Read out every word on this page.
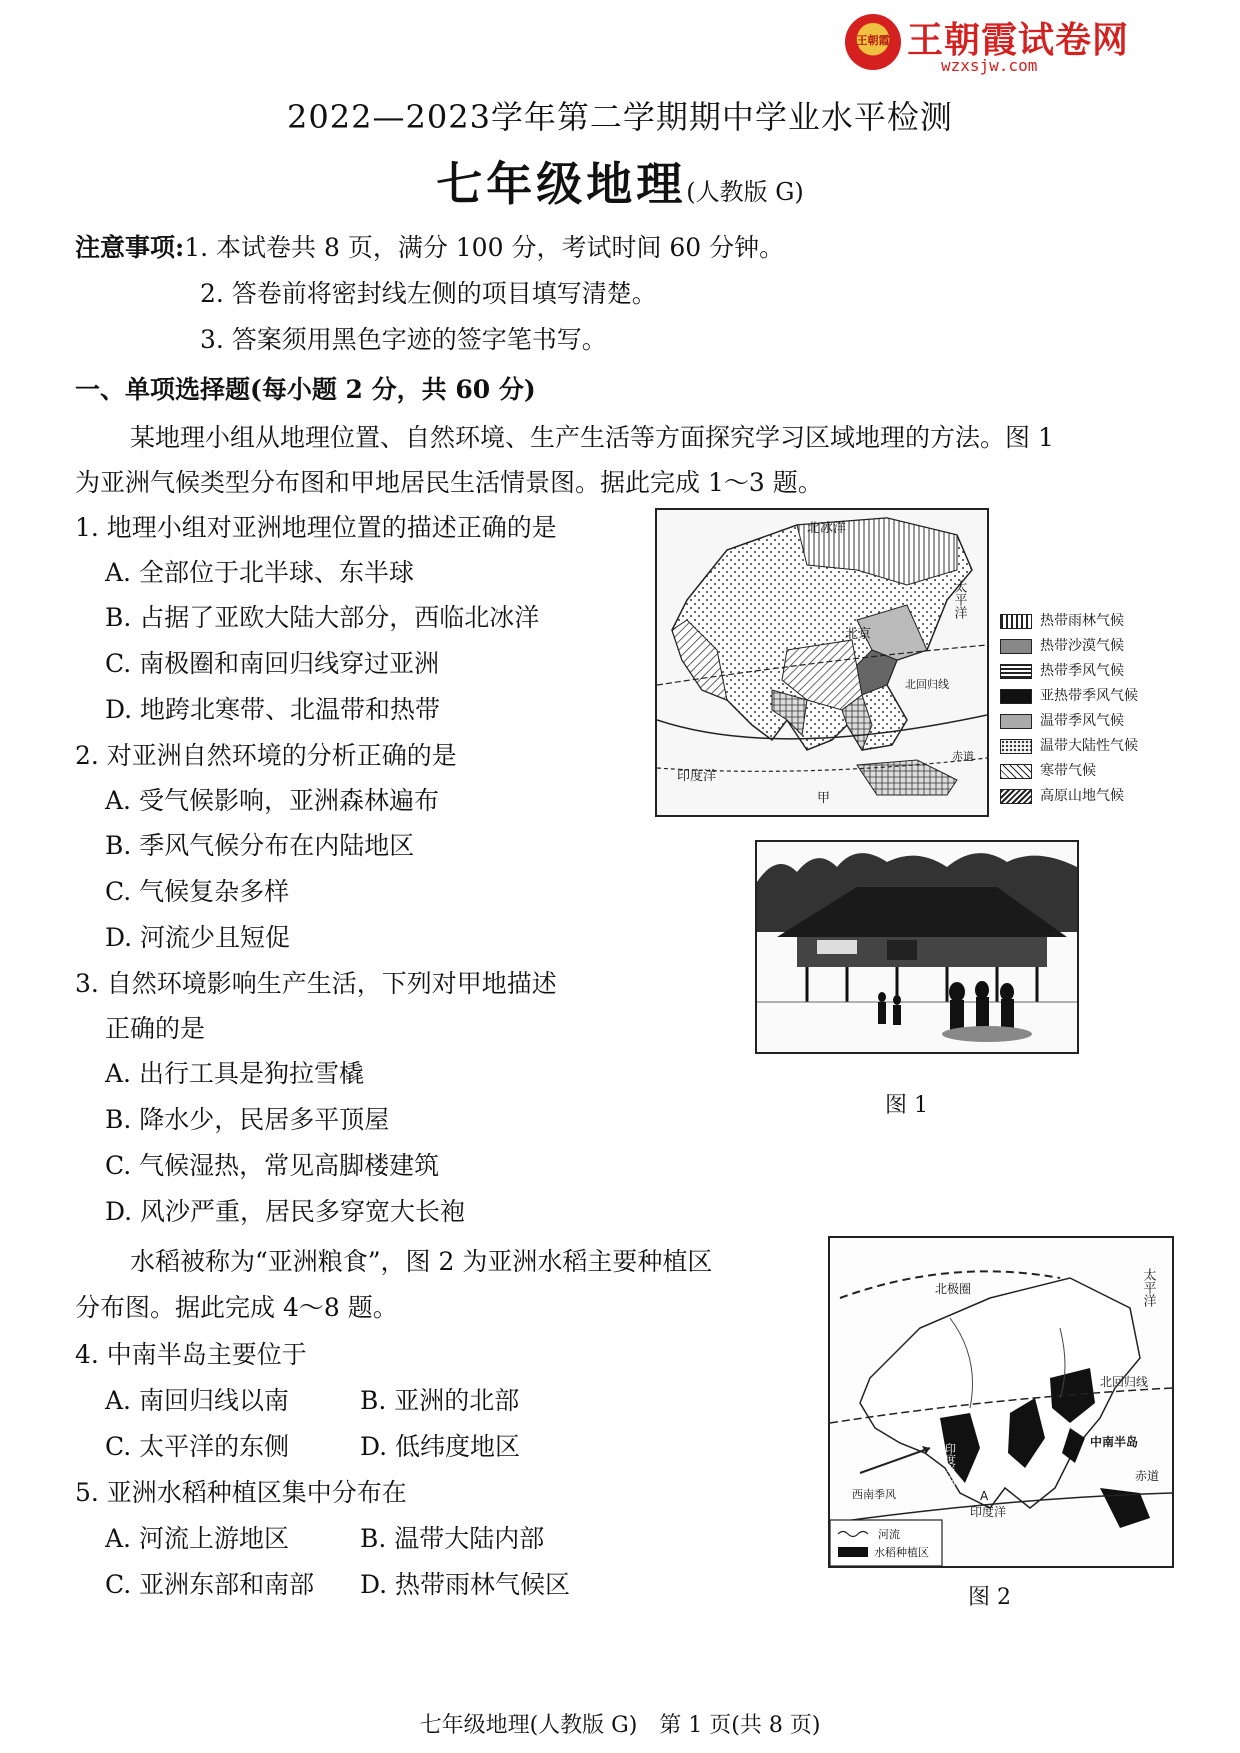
王朝霞 王朝霞试卷网
wzxsjw.com
2022—2023学年第二学期期中学业水平检测
七年级地理(人教版 G)
注意事项:1. 本试卷共 8 页，满分 100 分，考试时间 60 分钟。
2. 答卷前将密封线左侧的项目填写清楚。
3. 答案须用黑色字迹的签字笔书写。
一、单项选择题(每小题 2 分，共 60 分)
某地理小组从地理位置、自然环境、生产生活等方面探究学习区域地理的方法。图 1
为亚洲气候类型分布图和甲地居民生活情景图。据此完成 1～3 题。
1. 地理小组对亚洲地理位置的描述正确的是
A. 全部位于北半球、东半球
B. 占据了亚欧大陆大部分，西临北冰洋
C. 南极圈和南回归线穿过亚洲
D. 地跨北寒带、北温带和热带
2. 对亚洲自然环境的分析正确的是
A. 受气候影响，亚洲森林遍布
B. 季风气候分布在内陆地区
C. 气候复杂多样
D. 河流少且短促
3. 自然环境影响生产生活，下列对甲地描述
正确的是
A. 出行工具是狗拉雪橇
B. 降水少，民居多平顶屋
C. 气候湿热，常见高脚楼建筑
D. 风沙严重，居民多穿宽大长袍
水稻被称为“亚洲粮食”，图 2 为亚洲水稻主要种植区
分布图。据此完成 4～8 题。
4. 中南半岛主要位于
A. 南回归线以南	B. 亚洲的北部
C. 太平洋的东侧	D. 低纬度地区
5. 亚洲水稻种植区集中分布在
A. 河流上游地区	B. 温带大陆内部
C. 亚洲东部和南部 D. 热带雨林气候区
北冰洋
太平洋
北京
北回归线
赤道
印度洋
甲
热带雨林气候
热带沙漠气候
热带季风气候
亚热带季风气候
温带季风气候
温带大陆性气候
寒带气候
高原山地气候
图 1
北极圈	太平洋
北回归线
中南半岛
赤道
印度洋
印度半岛
西南季风	A
河流
水稻种植区
图 2
七年级地理(人教版 G)　第 1 页(共 8 页)
